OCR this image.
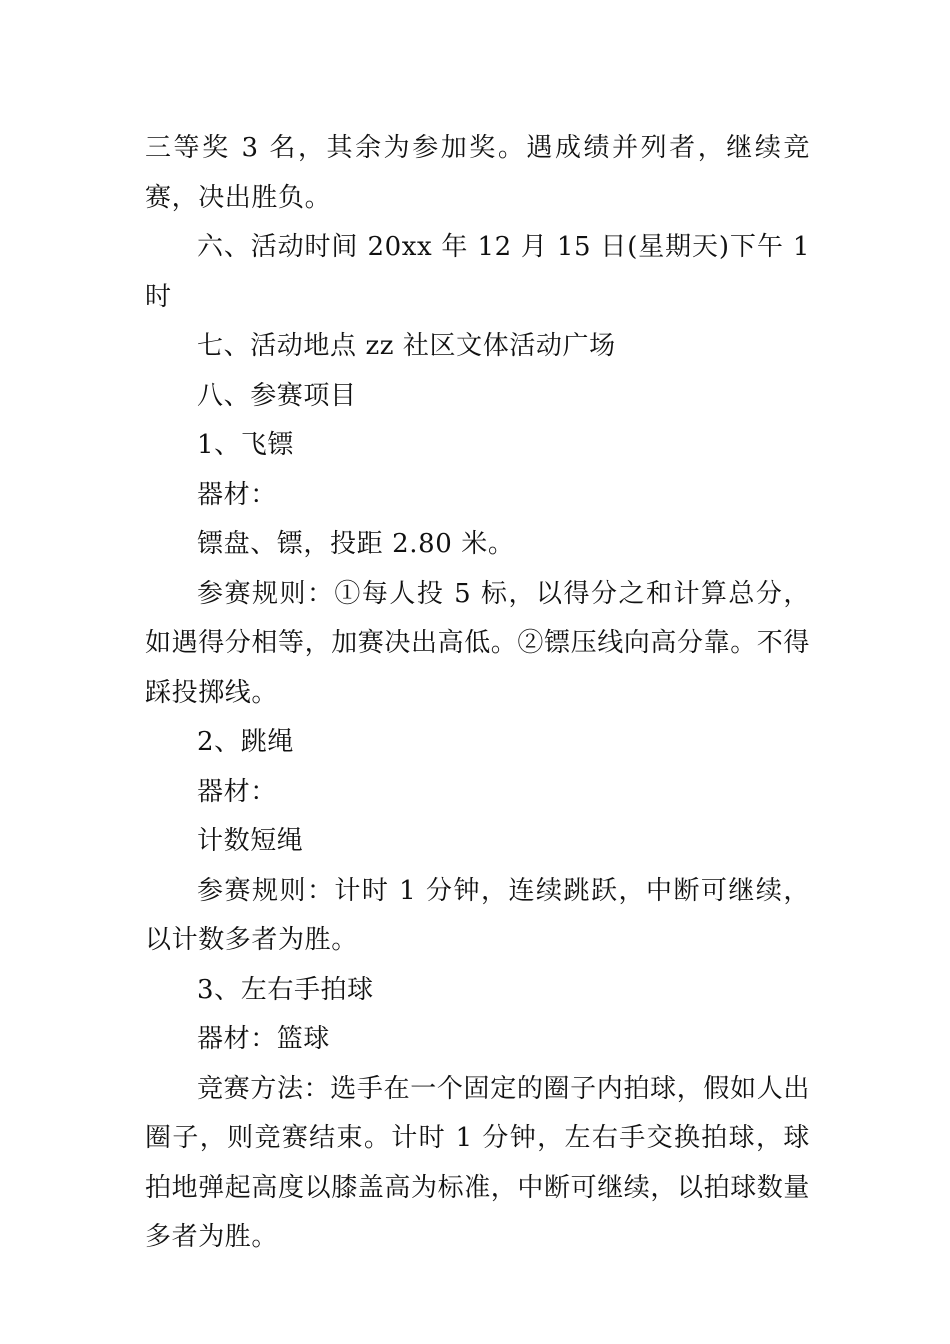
三等奖 3 名，其余为参加奖。遇成绩并列者，继续竞赛，决出胜负。

六、活动时间 20xx 年 12 月 15 日(星期天)下午 1 时

七、活动地点 zz 社区文体活动广场

八、参赛项目

1、飞镖

器材：

镖盘、镖，投距 2.80 米。

参赛规则：①每人投 5 标，以得分之和计算总分，如遇得分相等，加赛决出高低。②镖压线向高分靠。不得踩投掷线。

2、跳绳

器材：

计数短绳

参赛规则：计时 1 分钟，连续跳跃，中断可继续，以计数多者为胜。

3、左右手拍球

器材：篮球

竞赛方法：选手在一个固定的圈子内拍球，假如人出圈子，则竞赛结束。计时 1 分钟，左右手交换拍球，球拍地弹起高度以膝盖高为标准，中断可继续，以拍球数量多者为胜。
